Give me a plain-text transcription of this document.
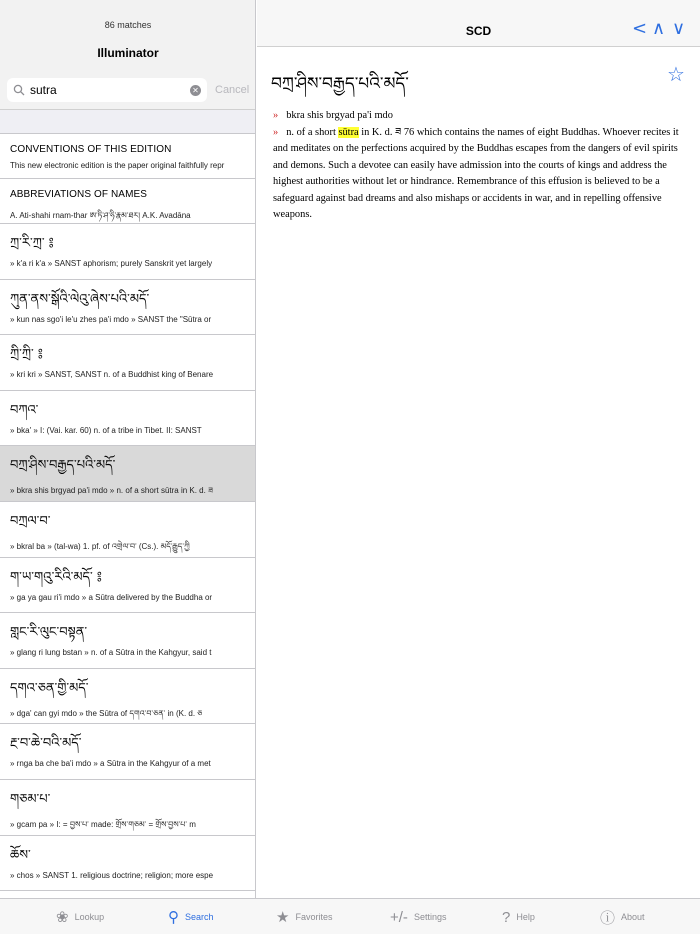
86 matches
Illuminator
sutra
✕ Cancel
CONVENTIONS OF THIS EDITION
This new electronic edition is the paper original faithfully repr
ABBREVIATIONS OF NAMES
A. Ati-shahi rnam-thar ཨ་ཏི་ཤ་ཧི་རྣམ་ཐར། A.K. Avadāna
ཀྲ་རི་ཀྲ་ ༔
» k'a ri k'a » SANST aphorism; purely Sanskrit yet largely
ཀུན་ནས་སྒོའི་ལེའུ་ཞེས་པའི་མདོ་
» kun nas sgo'i le'u zhes pa'i mdo » SANST the "Sūtra or
ཀྲི་ཀྲི་ ༔
» kri kri » SANST, SANST n. of a Buddhist king of Benare
བཀའ་
» bka' » I: (Vai. kar. 60) n. of a tribe in Tibet. II: SANST
བཀྲ་ཤིས་བརྒྱད་པའི་མདོ་
» bkra shis brgyad pa'i mdo » n. of a short sūtra in K. d. ཟ
བཀྲལ་བ་
» bkral ba » (tal-wa) 1. pf. of འགྲེལ་བ་ (Cs.). མདོ་རྒྱུད་ཀྱི
ག་ཡ་གའུ་རིའི་མདོ་ ༔
» ga ya gau ri'i mdo » a Sūtra delivered by the Buddha or
གླང་རི་ལུང་བསྟན་
» glang ri lung bstan » n. of a Sūtra in the Kahgyur, said t
དགའ་ཅན་གྱི་མདོ་
» dga' can gyi mdo » the Sūtra of དགའ་བ་ཅན་ in (K. d. ཅ
རྔ་བ་ཆེ་བའི་མདོ་
» rnga ba che ba'i mdo » a Sūtra in the Kahgyur of a met
གཅམ་པ་
» gcam pa » I: = བྱས་པ་ made: གྲོས་གཅམ་ = གྲོས་བྱས་པ་ m
ཆོས་
» chos » SANST 1. religious doctrine; religion; more espe
SCD	< ∧ ∨
བཀྲ་ཤིས་བརྒྱད་པའི་མདོ་	☆
» bkra shis brgyad pa'i mdo
» n. of a short sūtra in K. d. ཟ 76 which contains the names of eight Buddhas. Whoever recites it and meditates on the perfections acquired by the Buddhas escapes from the dangers of evil spirits and demons. Such a devotee can easily have admission into the courts of kings and address the highest authorities without let or hindrance. Remembrance of this effusion is believed to be a safeguard against bad dreams and also mishaps or accidents in war, and in repelling offensive weapons.
❀ Lookup	⚲ Search	★ Favorites	+/- Settings	? Help	ⓘ About
